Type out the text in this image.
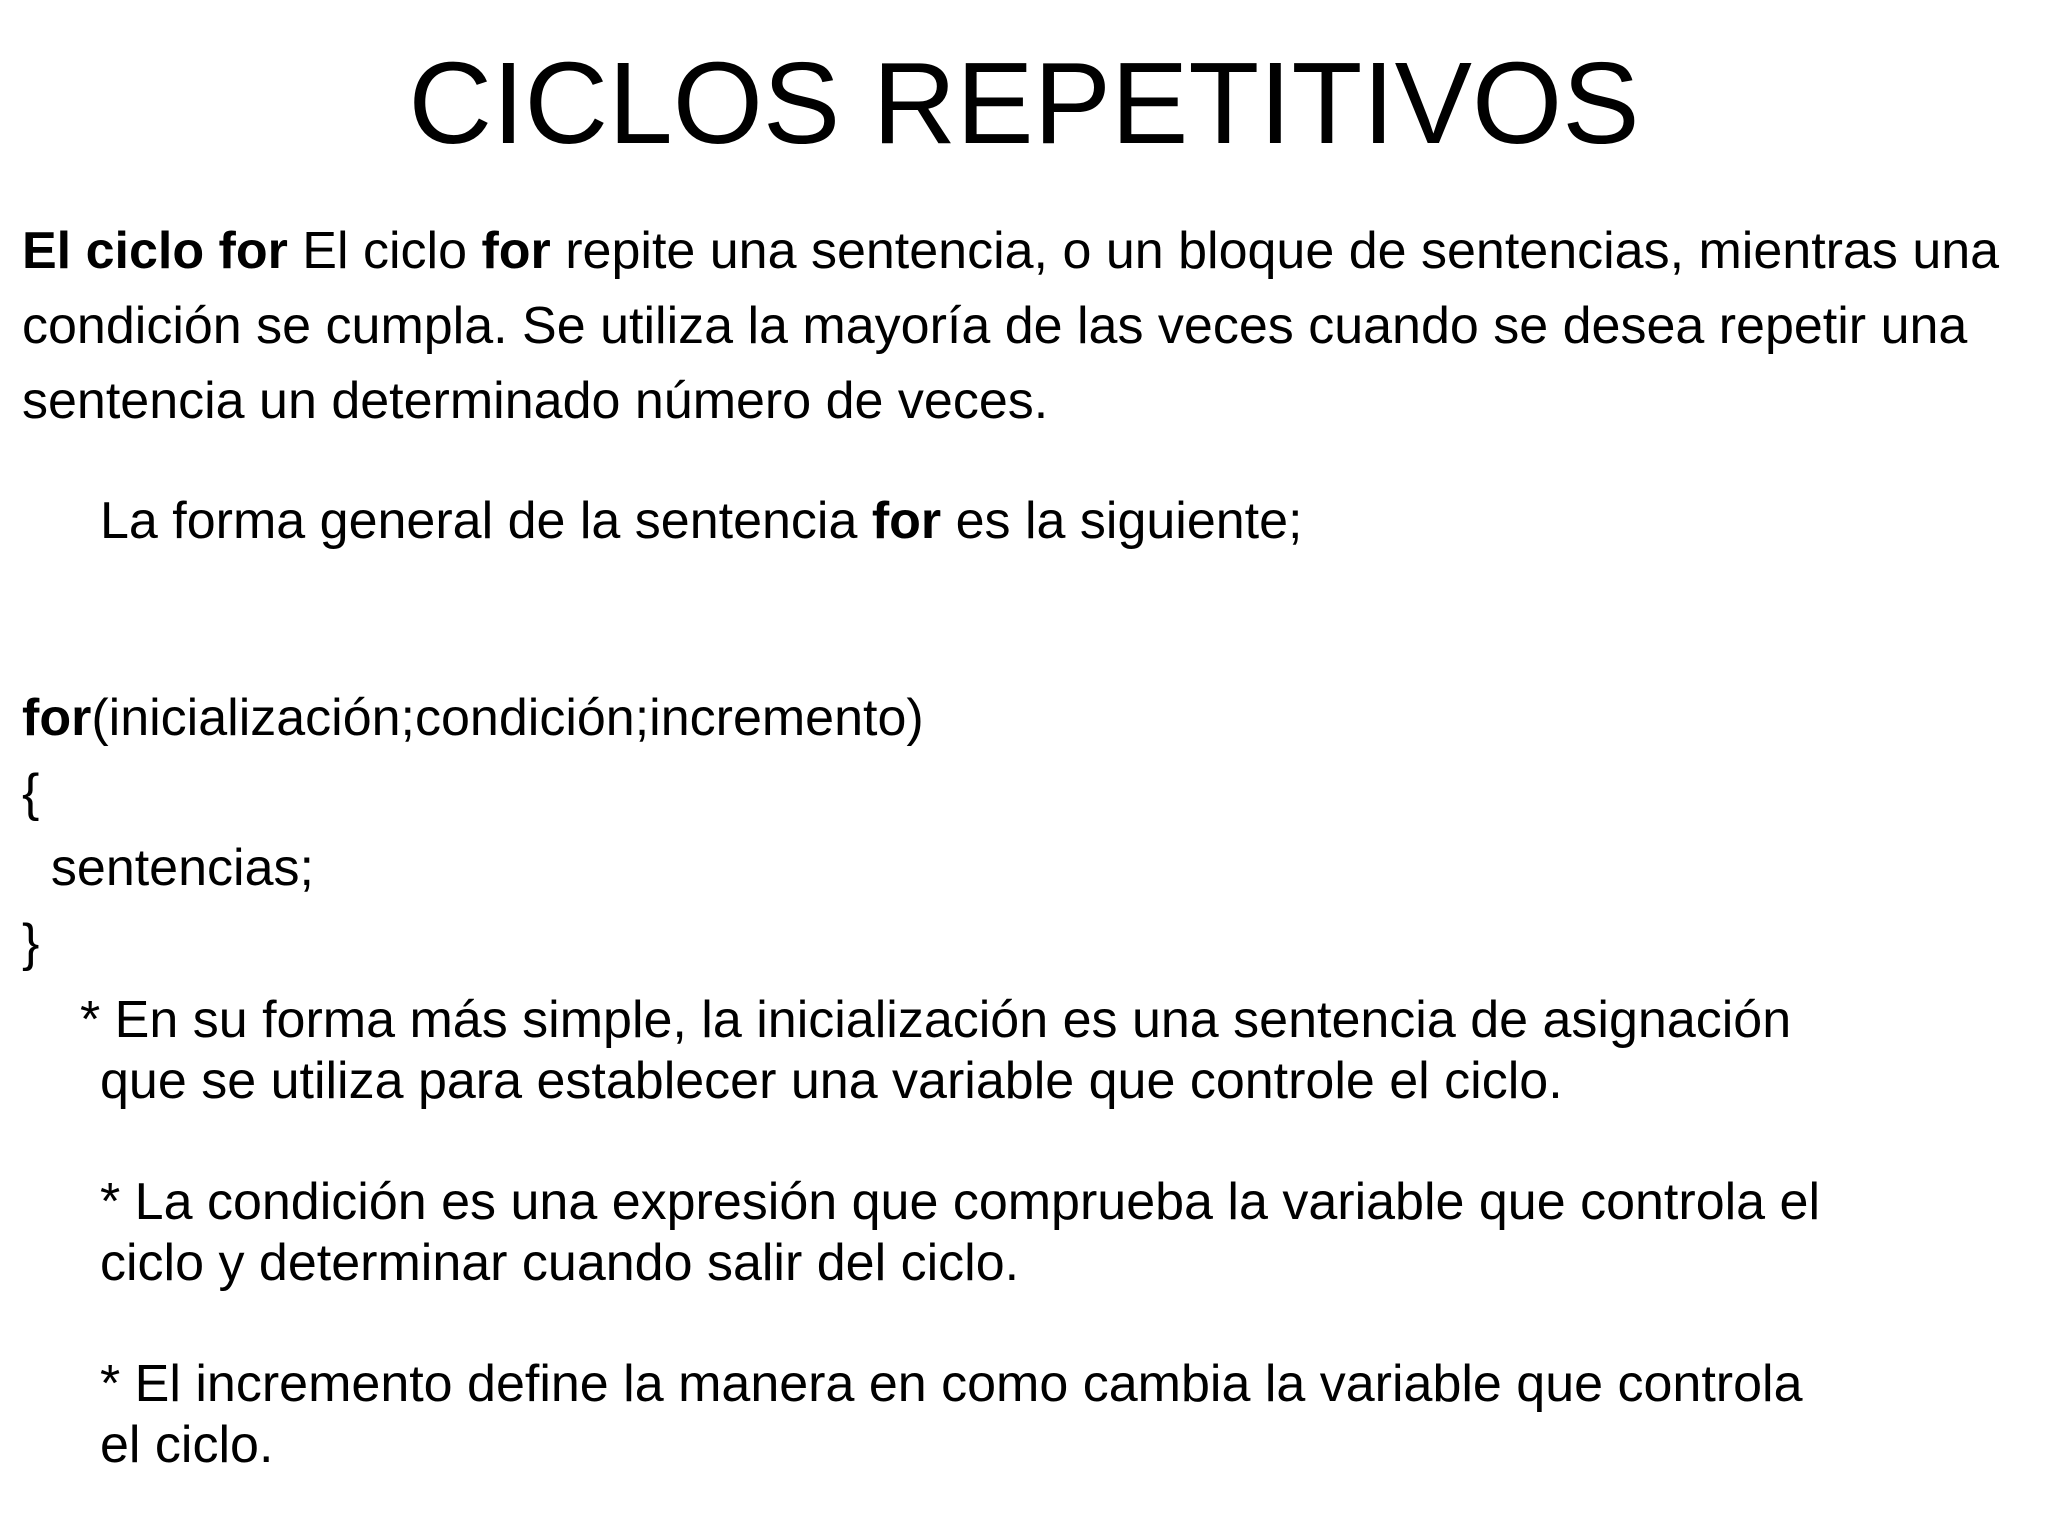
CICLOS REPETITIVOS

El ciclo for El ciclo for repite una sentencia, o un bloque de sentencias, mientras una condición se cumpla. Se utiliza la mayoría de las veces cuando se desea repetir una sentencia un determinado número de veces.

La forma general de la sentencia for es la siguiente;

for(inicialización;condición;incremento)

{

sentencias;

}

* En su forma más simple, la inicialización es una sentencia de asignación
que se utiliza para establecer una variable que controle el ciclo.

* La condición es una expresión que comprueba la variable que controla el
ciclo y determinar cuando salir del ciclo.

* El incremento define la manera en como cambia la variable que controla
el ciclo.
